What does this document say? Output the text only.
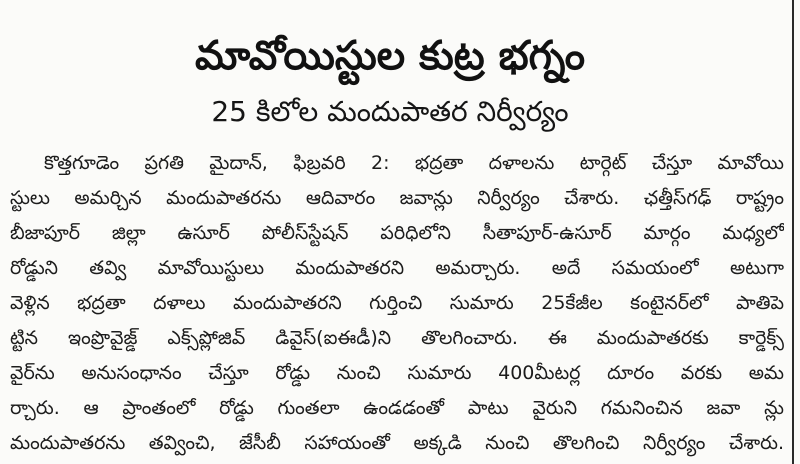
మావోయిస్టుల కుట్ర భగ్నం
25 కిలోల మందుపాతర నిర్వీర్యం
కొత్తగూడెం ప్రగతి మైదాన్, ఫిబ్రవరి 2: భద్రతా దళాలను టార్గెట్ చేస్తూ మావోయి
స్టులు అమర్చిన మందుపాతరను ఆదివారం జవాన్లు నిర్వీర్యం చేశారు. ఛత్తీస్‌గఢ్ రాష్ట్రం
బీజాపూర్ జిల్లా ఉసూర్ పోలీస్‌స్టేషన్ పరిధిలోని సీతాపూర్-ఉసూర్ మార్గం మధ్యలో
రోడ్డుని తవ్వి మావోయిస్టులు మందుపాతరని అమర్చారు. అదే సమయంలో అటుగా
వెళ్లిన భద్రతా దళాలు మందుపాతరని గుర్తించి సుమారు 25కేజీల కంటైనర్‌లో పాతిపె
ట్టిన ఇంప్రొవైజ్డ్ ఎక్స్‌ప్లోజివ్ డివైస్(ఐఈడీ)ని తొలగించారు. ఈ మందుపాతరకు కార్డెక్స్
వైర్‌ను అనుసంధానం చేస్తూ రోడ్డు నుంచి సుమారు 400మీటర్ల దూరం వరకు అమ
ర్చారు. ఆ ప్రాంతంలో రోడ్డు గుంతలా ఉండడంతో పాటు వైరుని గమనించిన జవా న్లు
మందుపాతరను తవ్వించి, జేసీబీ సహాయంతో అక్కడి నుంచి తొలగించి నిర్వీర్యం చేశారు.
